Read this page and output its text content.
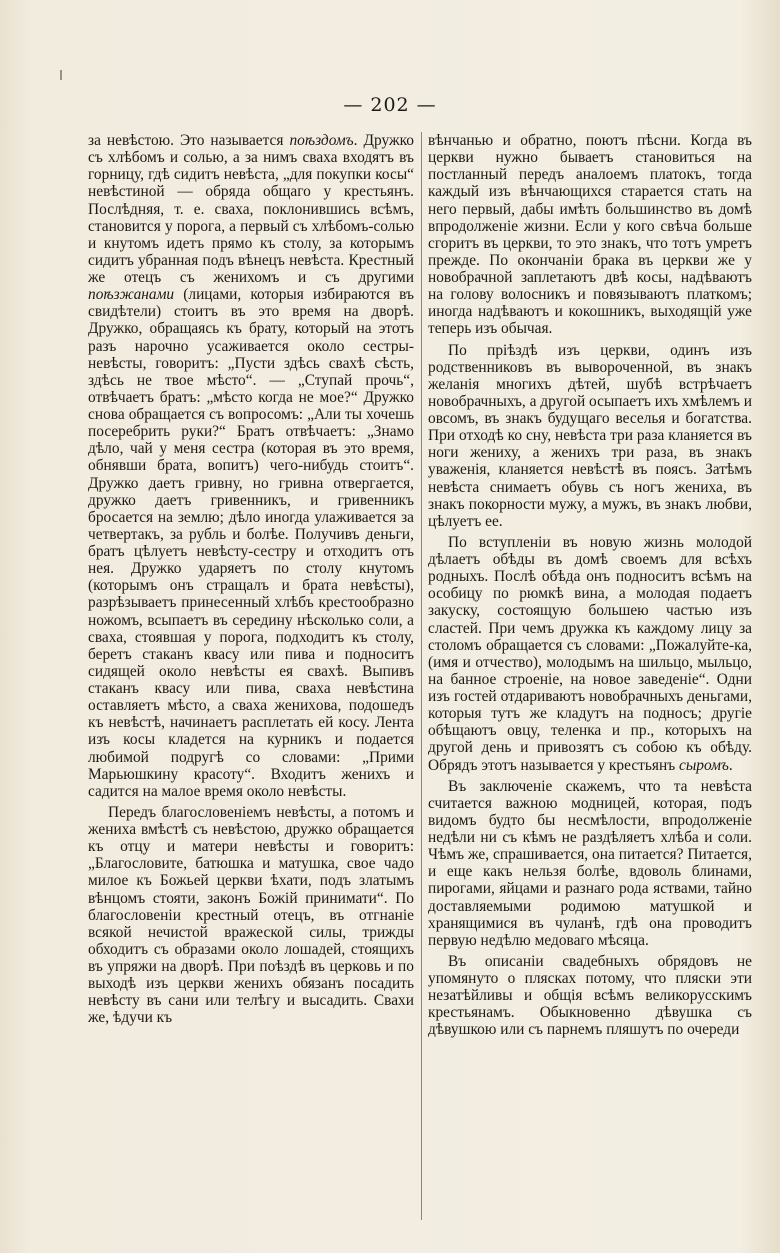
— 202 —

за невѣстою. Это называется поѣздомъ. Дружко съ хлѣбомъ и солью, а за нимъ сваха входятъ въ горницу, гдѣ сидитъ невѣста, „для покупки косы“ невѣстиной — обряда общаго у крестьянъ. Послѣдняя, т. е. сваха, поклонившись всѣмъ, становится у порога, а первый съ хлѣбомъ-солью и кнутомъ идетъ прямо къ столу, за которымъ сидитъ убранная подъ вѣнецъ невѣста. Крестный же отецъ съ женихомъ и съ другими поѣзжанами (лицами, которыя избираются въ свидѣтели) стоитъ въ это время на дворѣ. Дружко, обращаясь къ брату, который на этотъ разъ нарочно усаживается около сестры-невѣсты, говоритъ: „Пусти здѣсь свахѣ сѣсть, здѣсь не твое мѣсто“. — „Ступай прочь“, отвѣчаетъ братъ: „мѣсто когда не мое?“ Дружко снова обращается съ вопросомъ: „Али ты хочешь посеребрить руки?“ Братъ отвѣчаетъ: „Знамо дѣло, чай у меня сестра (которая въ это время, обнявши брата, вопитъ) чего-нибудь стоитъ“. Дружко даетъ гривну, но гривна отвергается, дружко даетъ гривенникъ, и гривенникъ бросается на землю; дѣло иногда улаживается за четвертакъ, за рубль и болѣе. Получивъ деньги, братъ цѣлуетъ невѣсту-сестру и отходитъ отъ нея. Дружко ударяетъ по столу кнутомъ (которымъ онъ стращалъ и брата невѣсты), разрѣзываетъ принесенный хлѣбъ крестообразно ножомъ, всыпаетъ въ середину нѣсколько соли, а сваха, стоявшая у порога, подходитъ къ столу, беретъ стаканъ квасу или пива и подноситъ сидящей около невѣсты ея свахѣ. Выпивъ стаканъ квасу или пива, сваха невѣстина оставляетъ мѣсто, а сваха жениxова, подошедъ къ невѣстѣ, начинаетъ расплетать ей косу. Лента изъ косы кладется на курникъ и подается любимой подругѣ со словами: „Прими Марьюшкину красоту“. Входитъ женихъ и садится на малое время около невѣсты.

Передъ благословеніемъ невѣсты, а потомъ и жениха вмѣстѣ съ невѣстою, дружко обращается къ отцу и матери невѣсты и говоритъ: „Благословите, батюшка и матушка, свое чадо милое къ Божьей церкви ѣхати, подъ златымъ вѣнцомъ стояти, законъ Божій принимати“. По благословеніи крестный отецъ, въ отгнаніе всякой нечистой вражеской силы, трижды обходитъ съ образами около лошадей, стоящихъ въ упряжи на дворѣ. При поѣздѣ въ церковь и по выходѣ изъ церкви женихъ обязанъ посадить невѣсту въ сани или телѣгу и высадить. Свахи же, ѣдучи къ

вѣнчанью и обратно, поютъ пѣсни. Когда въ церкви нужно бываетъ становиться на постланный передъ аналоемъ платокъ, тогда каждый изъ вѣнчающихся старается стать на него первый, дабы имѣть большинство въ домѣ впродолженіе жизни. Если у кого свѣча больше сгоритъ въ церкви, то это знакъ, что тотъ умретъ прежде. По окончаніи брака въ церкви же у новобрачной заплетаютъ двѣ косы, надѣваютъ на голову волосникъ и повязываютъ платкомъ; иногда надѣваютъ и кокошникъ, выходящій уже теперь изъ обычая.

По пріѣздѣ изъ церкви, одинъ изъ родственниковъ въ вывороченной, въ знакъ желанія многихъ дѣтей, шубѣ встрѣчаетъ новобрачныхъ, а другой осыпаетъ ихъ хмѣлемъ и овсомъ, въ знакъ будущаго веселья и богатства. При отходѣ ко сну, невѣста три раза кланяется въ ноги жениху, а женихъ три раза, въ знакъ уваженія, кланяется невѣстѣ въ поясъ. Затѣмъ невѣста снимаетъ обувь съ ногъ жениха, въ знакъ покорности мужу, а мужъ, въ знакъ любви, цѣлуетъ ее.

По вступленіи въ новую жизнь молодой дѣлаетъ обѣды въ домѣ своемъ для всѣхъ родныхъ. Послѣ обѣда онъ подноситъ всѣмъ на особицу по рюмкѣ вина, а молодая подаетъ закуску, состоящую большею частью изъ сластей. При чемъ дружка къ каждому лицу за столомъ обращается съ словами: „Пожалуйте-ка, (имя и отчество), молодымъ на шильцо, мыльцо, на банное строеніе, на новое заведеніе“. Одни изъ гостей отдариваютъ новобрачныхъ деньгами, которыя тутъ же кладутъ на подносъ; другіе обѣщаютъ овцу, теленка и пр., которыхъ на другой день и привозятъ съ собою къ обѣду. Обрядъ этотъ называется у крестьянъ сыромъ.

Въ заключеніе скажемъ, что та невѣста считается важною модницей, которая, подъ видомъ будто бы несмѣлости, впродолженіе недѣли ни съ кѣмъ не раздѣляетъ хлѣба и соли. Чѣмъ же, спрашивается, она питается? Питается, и еще какъ нельзя болѣе, вдоволь блинами, пирогами, яйцами и разнаго рода яствами, тайно доставляемыми родимою матушкой и хранящимися въ чуланѣ, гдѣ она проводитъ первую недѣлю медоваго мѣсяца.

Въ описаніи свадебныхъ обрядовъ не упомянуто о плясках потому, что пляски эти незатѣйливы и общія всѣмъ великорусскимъ крестьянамъ. Обыкновенно дѣвушка съ дѣвушкою или съ парнемъ пляшутъ по очереди
